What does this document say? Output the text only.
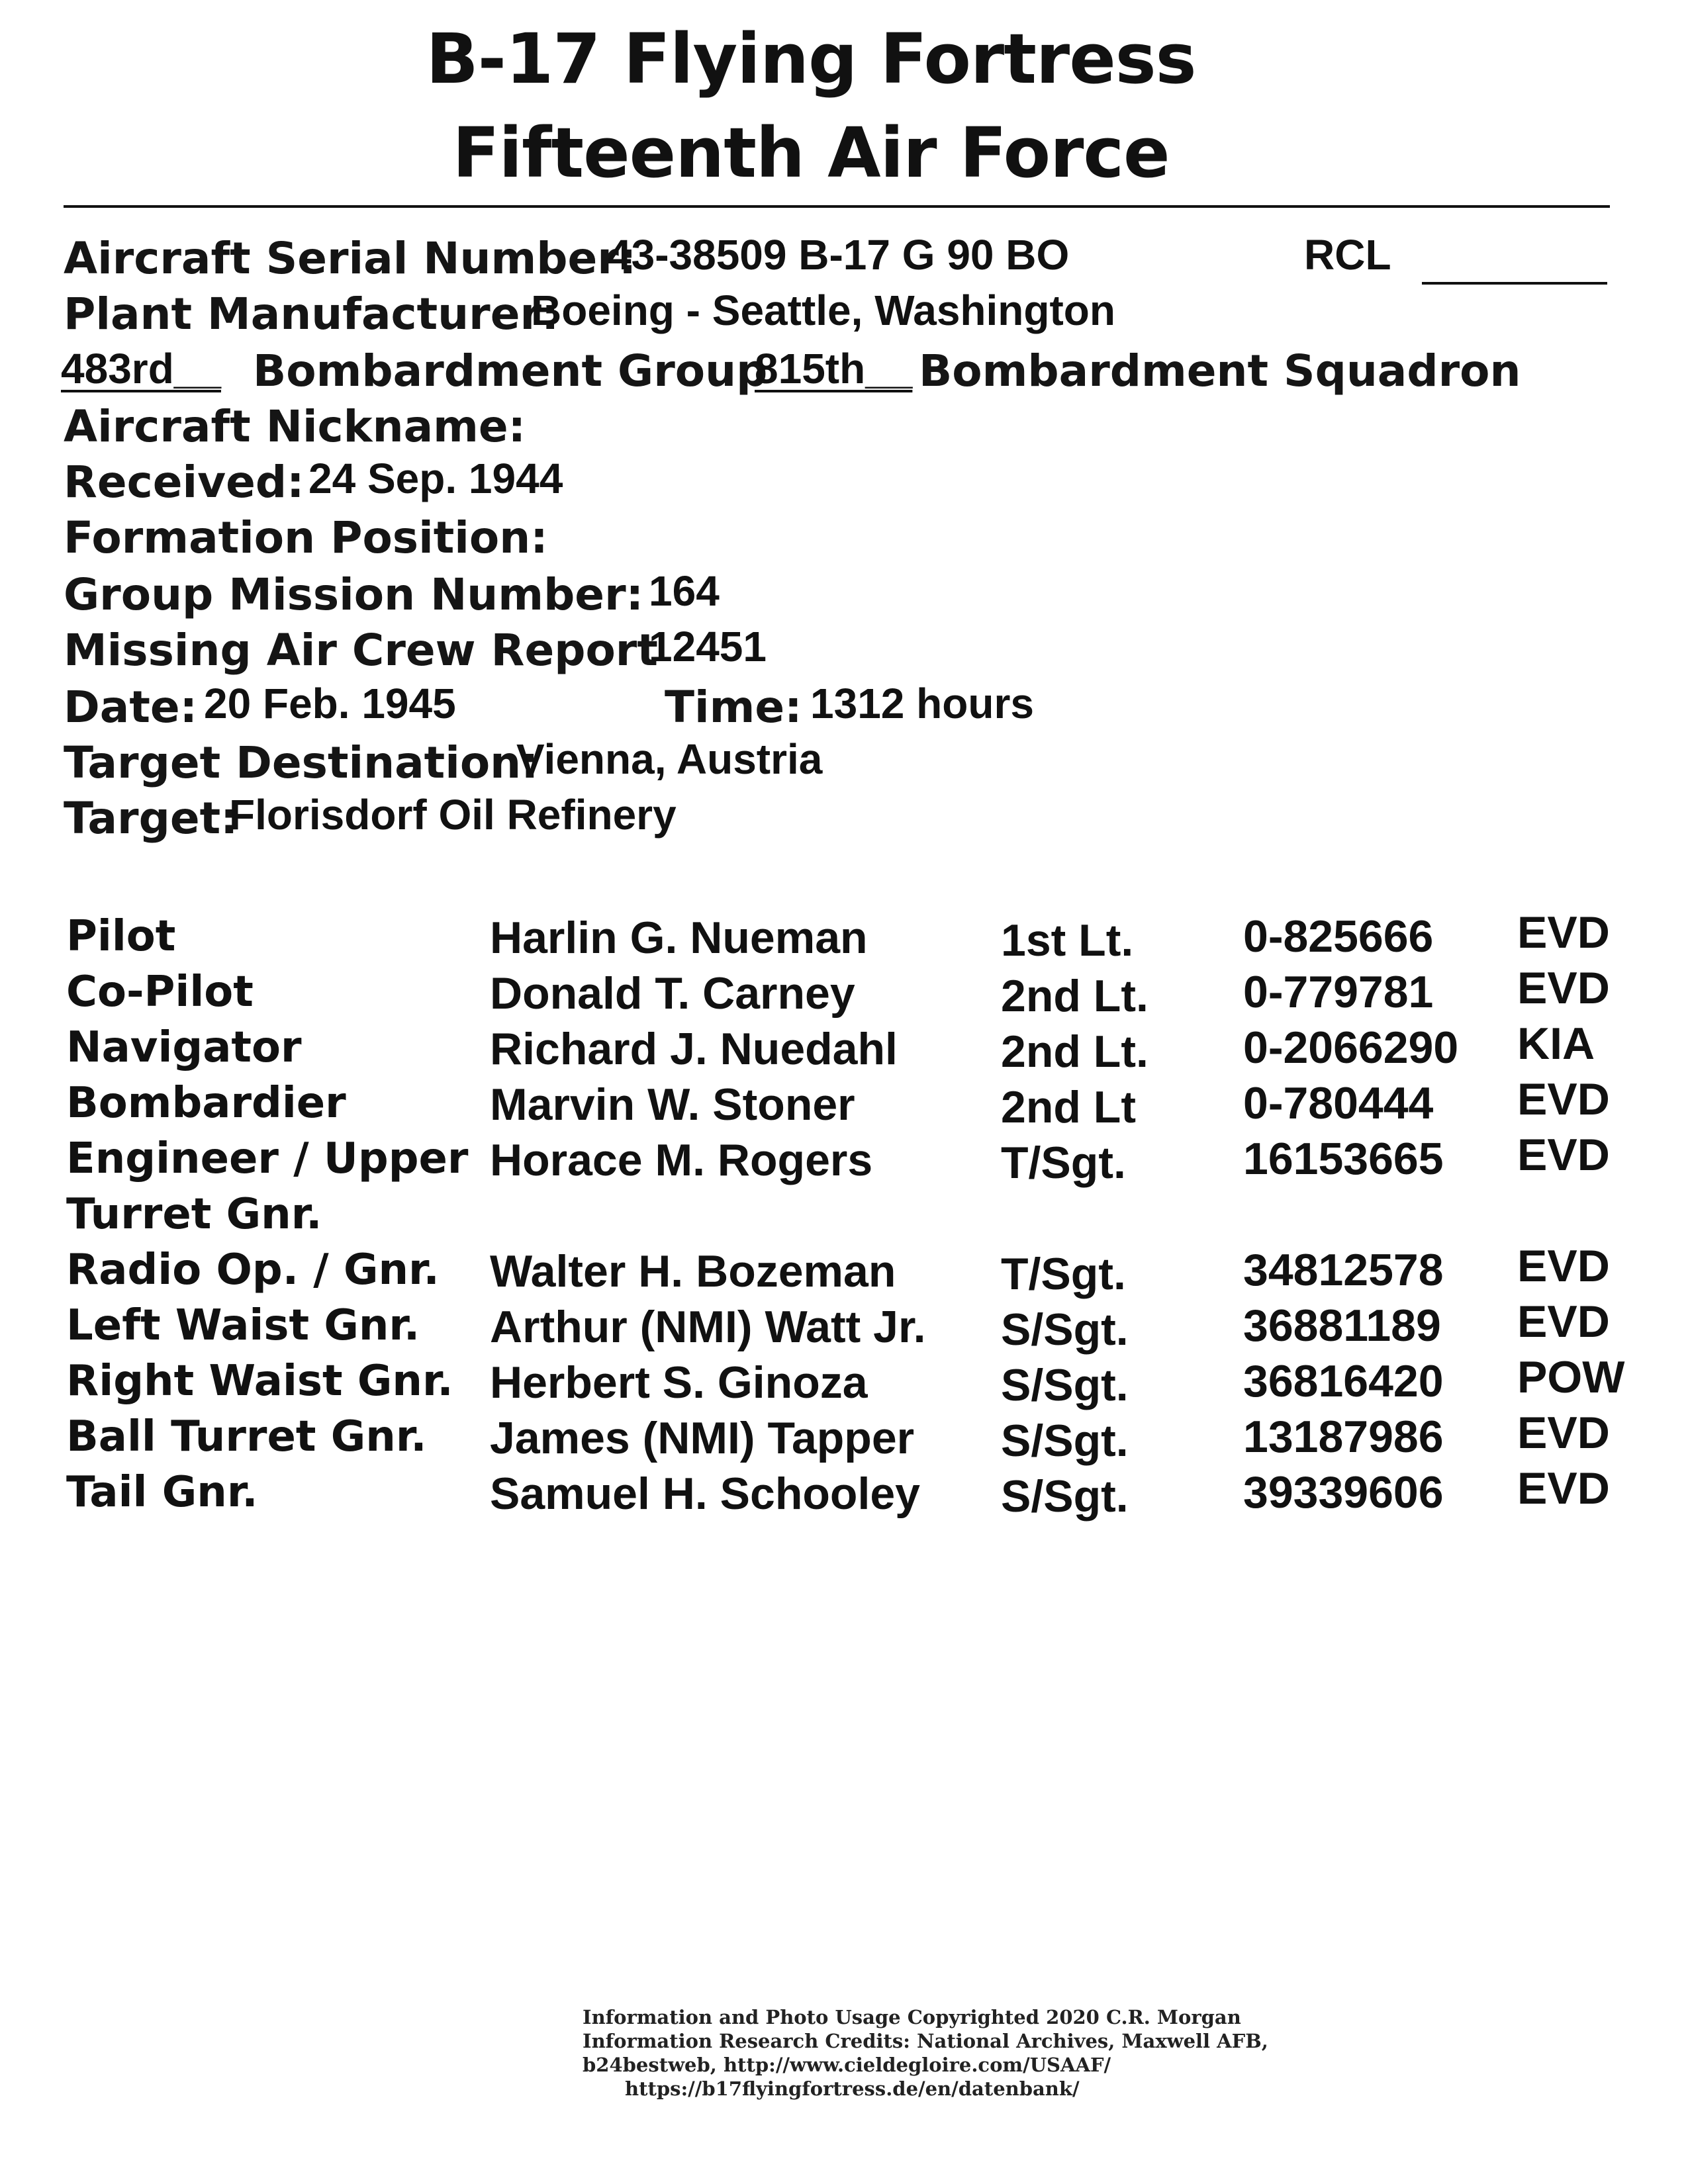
B-17 Flying Fortress
Fifteenth Air Force
Aircraft Serial Number:
43-38509 B-17 G 90 BO	RCL
Plant Manufacturer:
Boeing - Seattle, Washington
483rd__ Bombardment Group
815th__ Bombardment Squadron
Aircraft Nickname:
Received: 24 Sep. 1944
Formation Position:
Group Mission Number: 164
Missing Air Crew Report
12451
Date: 20 Feb. 1945	Time: 1312 hours
Target Destination:
Vienna, Austria
Target:
Florisdorf Oil Refinery
Pilot	Harlin G. Nueman	1st Lt. 0-825666 EVD
Co-Pilot	Donald T. Carney	2nd Lt. 0-779781 EVD
Navigator	Richard J. Nuedahl 2nd Lt. 0-2066290 KIA
Bombardier	Marvin W. Stoner	2nd Lt 0-780444 EVD
Engineer / Upper
Turret Gnr.
Horace M. Rogers	T/Sgt.	16153665 EVD
Radio Op. / Gnr. Walter H. Bozeman T/Sgt.	34812578 EVD
Left Waist Gnr. Arthur (NMI) Watt Jr. S/Sgt.	36881189 EVD
Right Waist Gnr. Herbert S. Ginoza	S/Sgt.	36816420 POW
Ball Turret Gnr. James (NMI) Tapper S/Sgt.	13187986 EVD
Tail Gnr.	Samuel H. Schooley S/Sgt.	39339606 EVD
Information and Photo Usage Copyrighted 2020 C.R. Morgan
Information Research Credits: National Archives, Maxwell AFB,
b24bestweb, http://www.cieldegloire.com/USAAF/
https://b17flyingfortress.de/en/datenbank/
